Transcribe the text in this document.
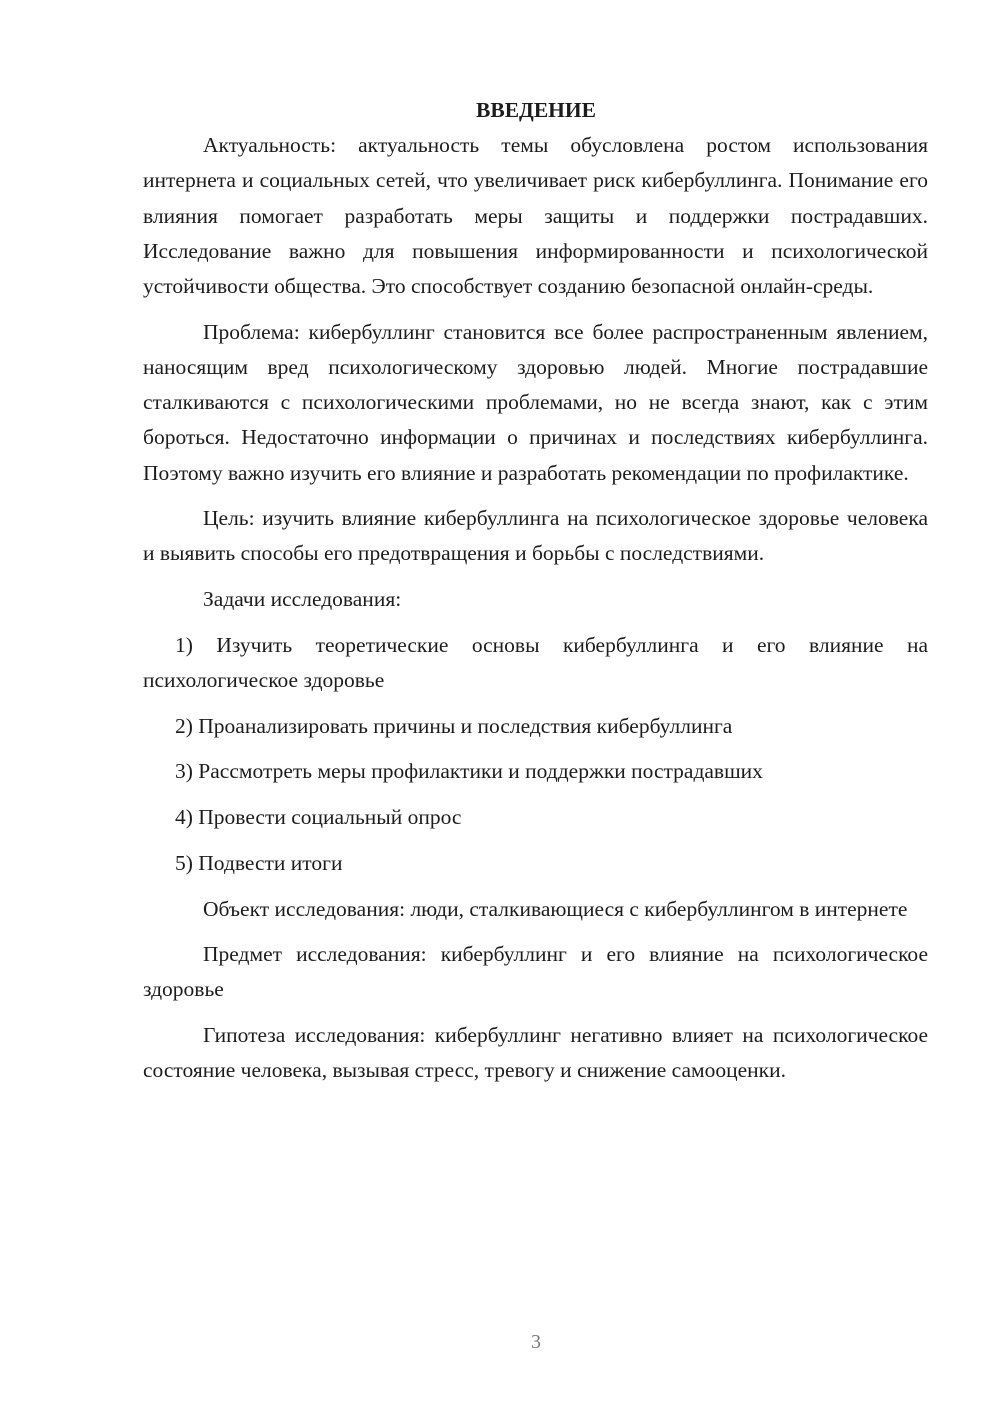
ВВЕДЕНИЕ

Актуальность: актуальность темы обусловлена ростом использования интернета и социальных сетей, что увеличивает риск кибербуллинга. Понимание его влияния помогает разработать меры защиты и поддержки пострадавших. Исследование важно для повышения информированности и психологической устойчивости общества. Это способствует созданию безопасной онлайн-среды.

Проблема: кибербуллинг становится все более распространенным явлением, наносящим вред психологическому здоровью людей. Многие пострадавшие сталкиваются с психологическими проблемами, но не всегда знают, как с этим бороться. Недостаточно информации о причинах и последствиях кибербуллинга. Поэтому важно изучить его влияние и разработать рекомендации по профилактике.

Цель: изучить влияние кибербуллинга на психологическое здоровье человека и выявить способы его предотвращения и борьбы с последствиями.

Задачи исследования:

1) Изучить теоретические основы кибербуллинга и его влияние на психологическое здоровье

2) Проанализировать причины и последствия кибербуллинга

3) Рассмотреть меры профилактики и поддержки пострадавших

4) Провести социальный опрос

5) Подвести итоги

Объект исследования: люди, сталкивающиеся с кибербуллингом в интернете

Предмет исследования: кибербуллинг и его влияние на психологическое здоровье

Гипотеза исследования: кибербуллинг негативно влияет на психологическое состояние человека, вызывая стресс, тревогу и снижение самооценки.

3
